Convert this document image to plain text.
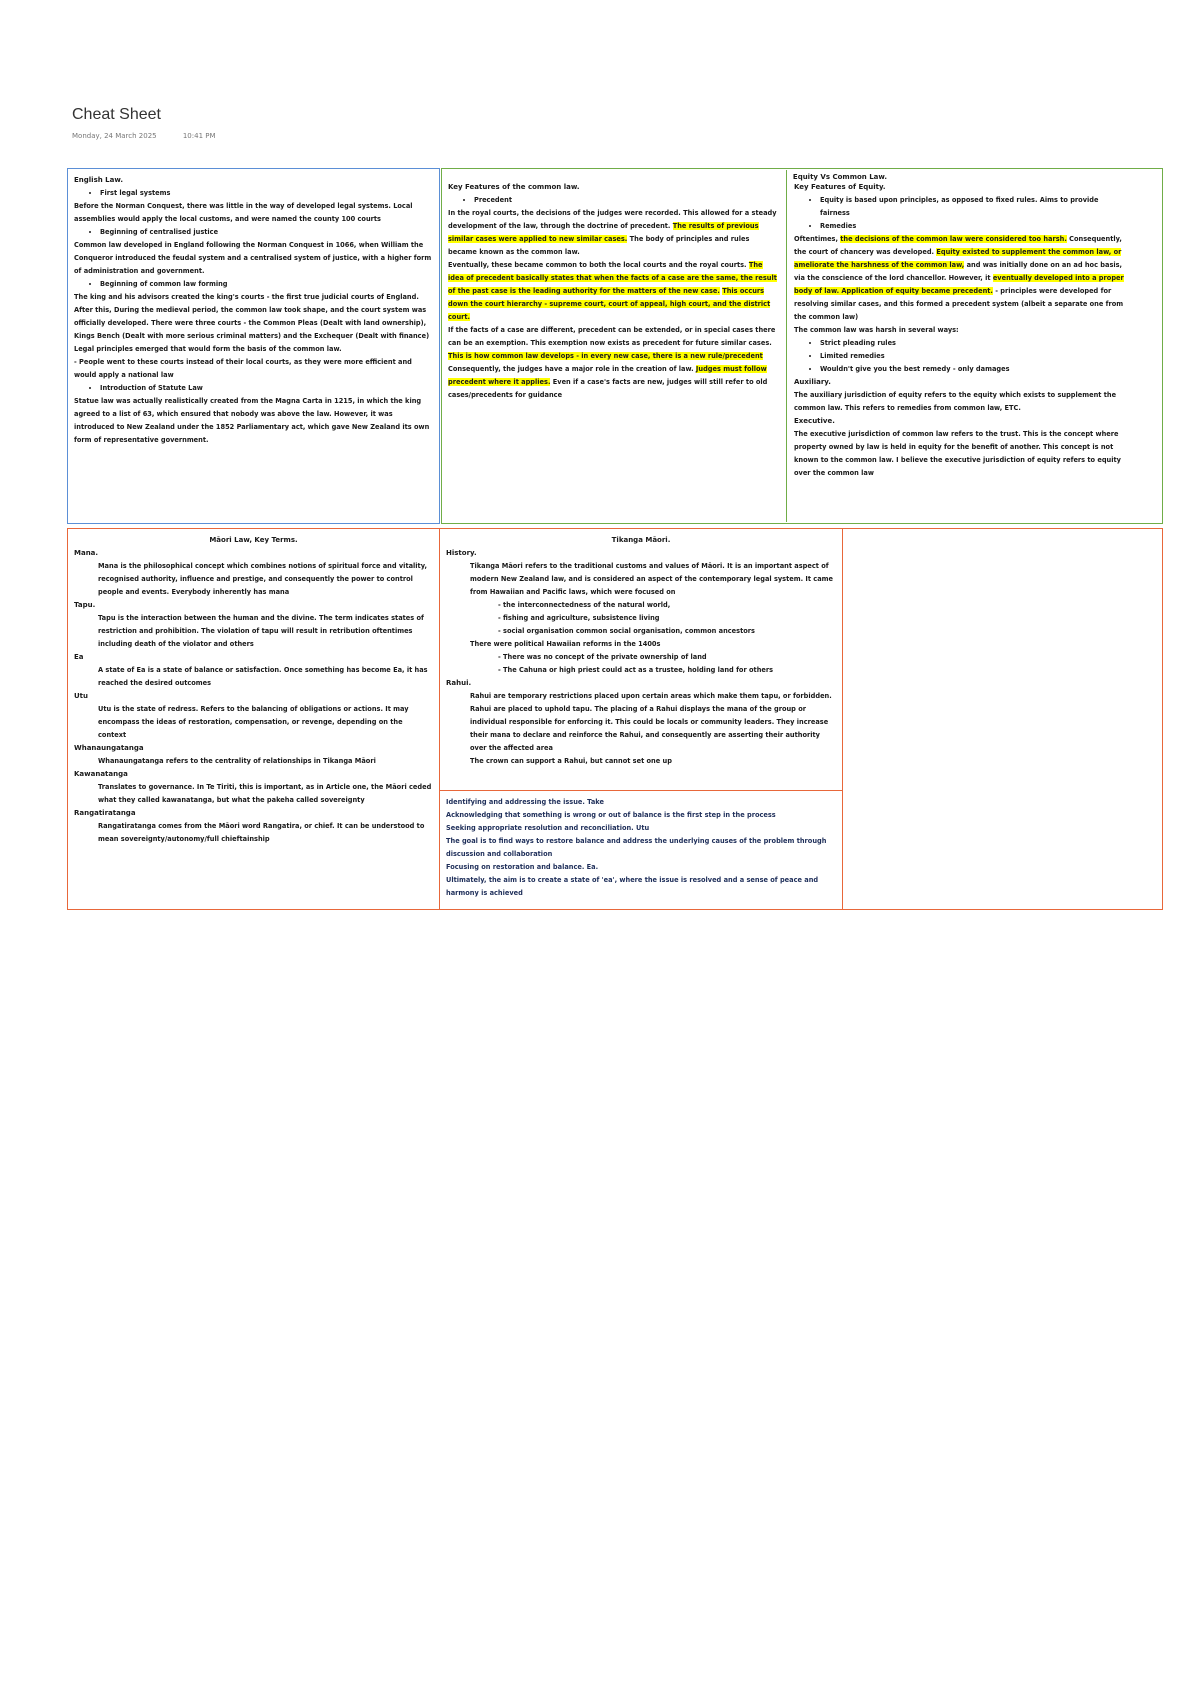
Cheat Sheet
Monday, 24 March 2025	10:41 PM

English Law.

• First legal systems

Before the Norman Conquest, there was little in the way of developed legal systems. Local assemblies would apply the local customs, and were named the county 100 courts

• Beginning of centralised justice

Common law developed in England following the Norman Conquest in 1066, when William the Conqueror introduced the feudal system and a centralised system of justice, with a higher form of administration and government.

• Beginning of common law forming

The king and his advisors created the king's courts - the first true judicial courts of England. After this, During the medieval period, the common law took shape, and the court system was officially developed. There were three courts - the Common Pleas (Dealt with land ownership), Kings Bench (Dealt with more serious criminal matters) and the Exchequer (Dealt with finance) Legal principles emerged that would form the basis of the common law.

- People went to these courts instead of their local courts, as they were more efficient and would apply a national law

• Introduction of Statute Law

Statue law was actually realistically created from the Magna Carta in 1215, in which the king agreed to a list of 63, which ensured that nobody was above the law. However, it was introduced to New Zealand under the 1852 Parliamentary act, which gave New Zealand its own form of representative government.

Key Features of the common law.

• Precedent

In the royal courts, the decisions of the judges were recorded. This allowed for a steady development of the law, through the doctrine of precedent. The results of previous similar cases were applied to new similar cases. The body of principles and rules became known as the common law.

Eventually, these became common to both the local courts and the royal courts. The idea of precedent basically states that when the facts of a case are the same, the result of the past case is the leading authority for the matters of the new case. This occurs down the court hierarchy - supreme court, court of appeal, high court, and the district court.

If the facts of a case are different, precedent can be extended, or in special cases there can be an exemption. This exemption now exists as precedent for future similar cases. This is how common law develops - in every new case, there is a new rule/precedent

Consequently, the judges have a major role in the creation of law. Judges must follow precedent where it applies. Even if a case's facts are new, judges will still refer to old cases/precedents for guidance

Equity Vs Common Law.

Key Features of Equity.

• Equity is based upon principles, as opposed to fixed rules. Aims to provide fairness
• Remedies

Oftentimes, the decisions of the common law were considered too harsh. Consequently, the court of chancery was developed. Equity existed to supplement the common law, or ameliorate the harshness of the common law, and was initially done on an ad hoc basis, via the conscience of the lord chancellor. However, it eventually developed into a proper body of law. Application of equity became precedent. - principles were developed for resolving similar cases, and this formed a precedent system (albeit a separate one from the common law)

The common law was harsh in several ways:

• Strict pleading rules
• Limited remedies
• Wouldn't give you the best remedy - only damages

Auxiliary.

The auxiliary jurisdiction of equity refers to the equity which exists to supplement the common law. This refers to remedies from common law, ETC.

Executive.

The executive jurisdiction of common law refers to the trust. This is the concept where property owned by law is held in equity for the benefit of another. This concept is not known to the common law. I believe the executive jurisdiction of equity refers to equity over the common law

Māori Law, Key Terms.

Mana.

Mana is the philosophical concept which combines notions of spiritual force and vitality, recognised authority, influence and prestige, and consequently the power to control people and events. Everybody inherently has mana

Tapu.

Tapu is the interaction between the human and the divine. The term indicates states of restriction and prohibition. The violation of tapu will result in retribution oftentimes including death of the violator and others

Ea

A state of Ea is a state of balance or satisfaction. Once something has become Ea, it has reached the desired outcomes

Utu

Utu is the state of redress. Refers to the balancing of obligations or actions. It may encompass the ideas of restoration, compensation, or revenge, depending on the context

Whanaungatanga

Whanaungatanga refers to the centrality of relationships in Tikanga Māori

Kawanatanga

Translates to governance. In Te Tiriti, this is important, as in Article one, the Māori ceded what they called kawanatanga, but what the pakeha called sovereignty

Rangatiratanga

Rangatiratanga comes from the Māori word Rangatira, or chief. It can be understood to mean sovereignty/autonomy/full chieftainship

Tikanga Māori.

History.

Tikanga Māori refers to the traditional customs and values of Māori. It is an important aspect of modern New Zealand law, and is considered an aspect of the contemporary legal system. It came from Hawaiian and Pacific laws, which were focused on

- the interconnectedness of the natural world,

- fishing and agriculture, subsistence living

- social organisation common social organisation, common ancestors

There were political Hawaiian reforms in the 1400s

- There was no concept of the private ownership of land

- The Cahuna or high priest could act as a trustee, holding land for others

Rahui.

Rahui are temporary restrictions placed upon certain areas which make them tapu, or forbidden. Rahui are placed to uphold tapu. The placing of a Rahui displays the mana of the group or individual responsible for enforcing it. This could be locals or community leaders. They increase their mana to declare and reinforce the Rahui, and consequently are asserting their authority over the affected area

The crown can support a Rahui, but cannot set one up

Identifying and addressing the issue. Take

Acknowledging that something is wrong or out of balance is the first step in the process

Seeking appropriate resolution and reconciliation. Utu

The goal is to find ways to restore balance and address the underlying causes of the problem through discussion and collaboration

Focusing on restoration and balance. Ea.

Ultimately, the aim is to create a state of 'ea', where the issue is resolved and a sense of peace and harmony is achieved
